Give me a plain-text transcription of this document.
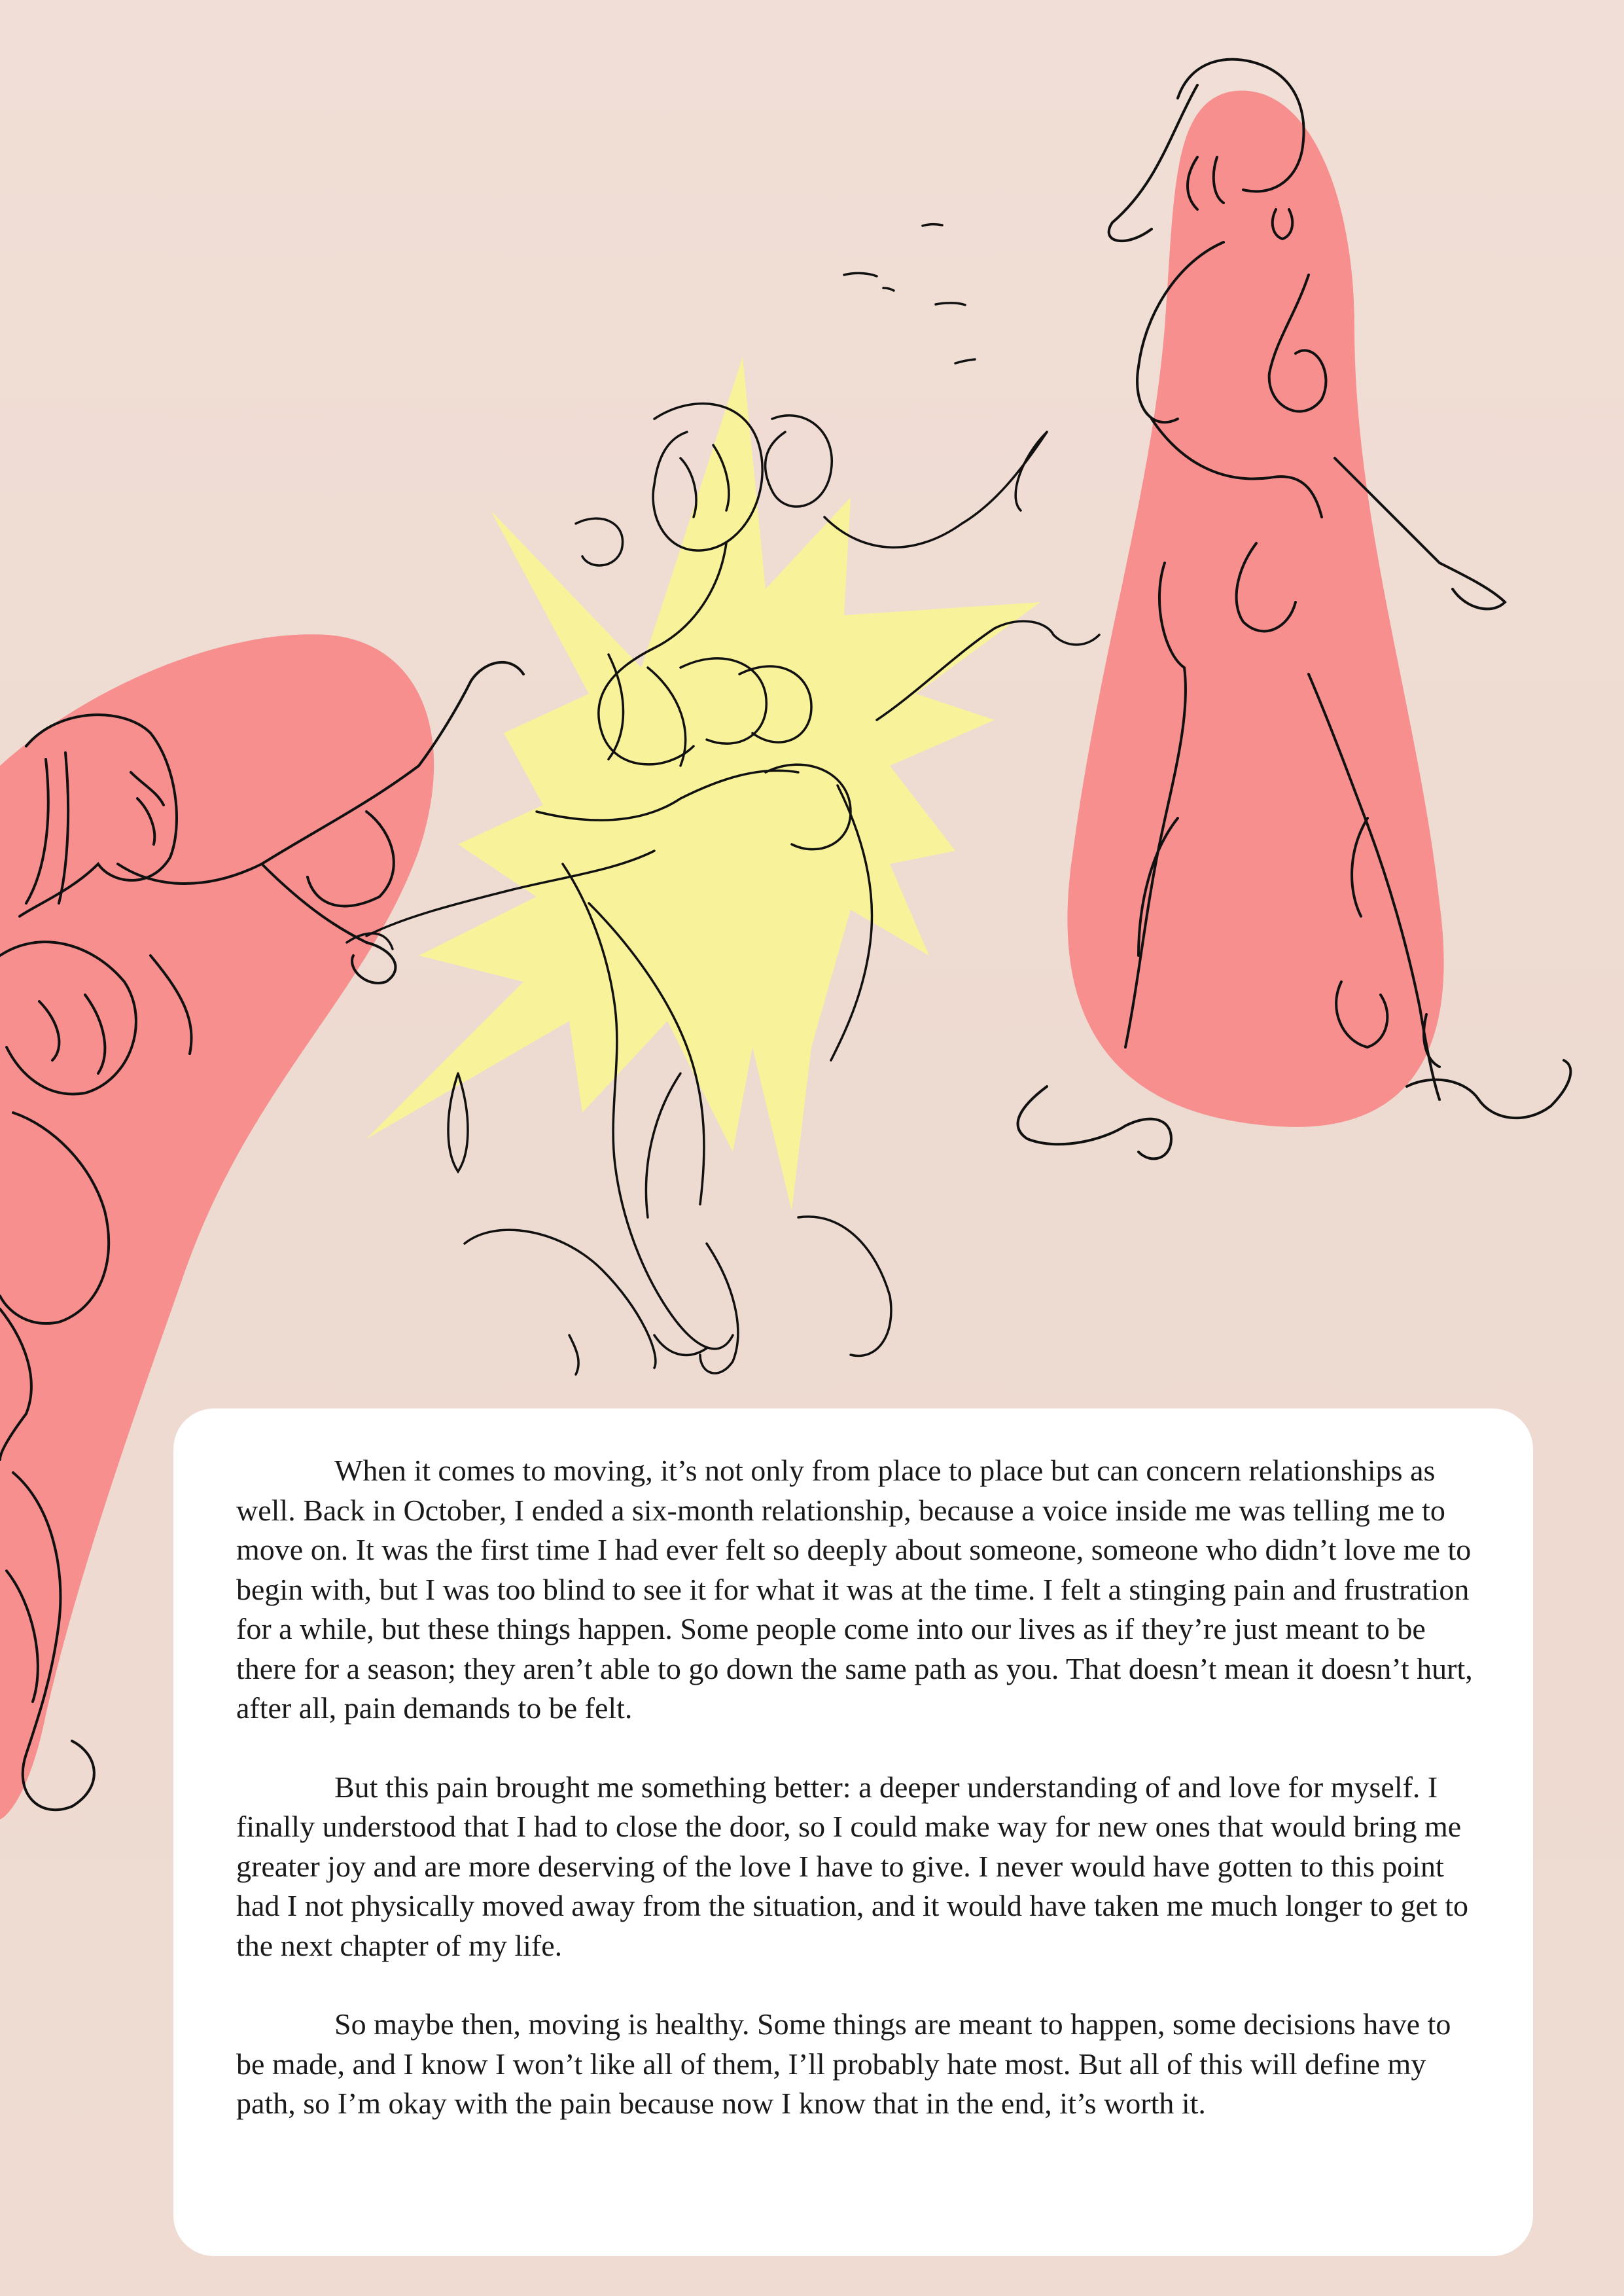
When it comes to moving, it’s not only from place to place but can concern relationships as well. Back in October, I ended a six-month relationship, because a voice inside me was telling me to move on. It was the first time I had ever felt so deeply about someone, someone who didn’t love me to begin with, but I was too blind to see it for what it was at the time. I felt a stinging pain and frustration for a while, but these things happen. Some people come into our lives as if they’re just meant to be there for a season; they aren’t able to go down the same path as you. That doesn’t mean it doesn’t hurt, after all, pain demands to be felt.

But this pain brought me something better: a deeper understanding of and love for myself. I finally understood that I had to close the door, so I could make way for new ones that would bring me greater joy and are more deserving of the love I have to give. I never would have gotten to this point had I not physically moved away from the situation, and it would have taken me much longer to get to the next chapter of my life.

So maybe then, moving is healthy. Some things are meant to happen, some decisions have to be made, and I know I won’t like all of them, I’ll probably hate most. But all of this will define my path, so I’m okay with the pain because now I know that in the end, it’s worth it.
